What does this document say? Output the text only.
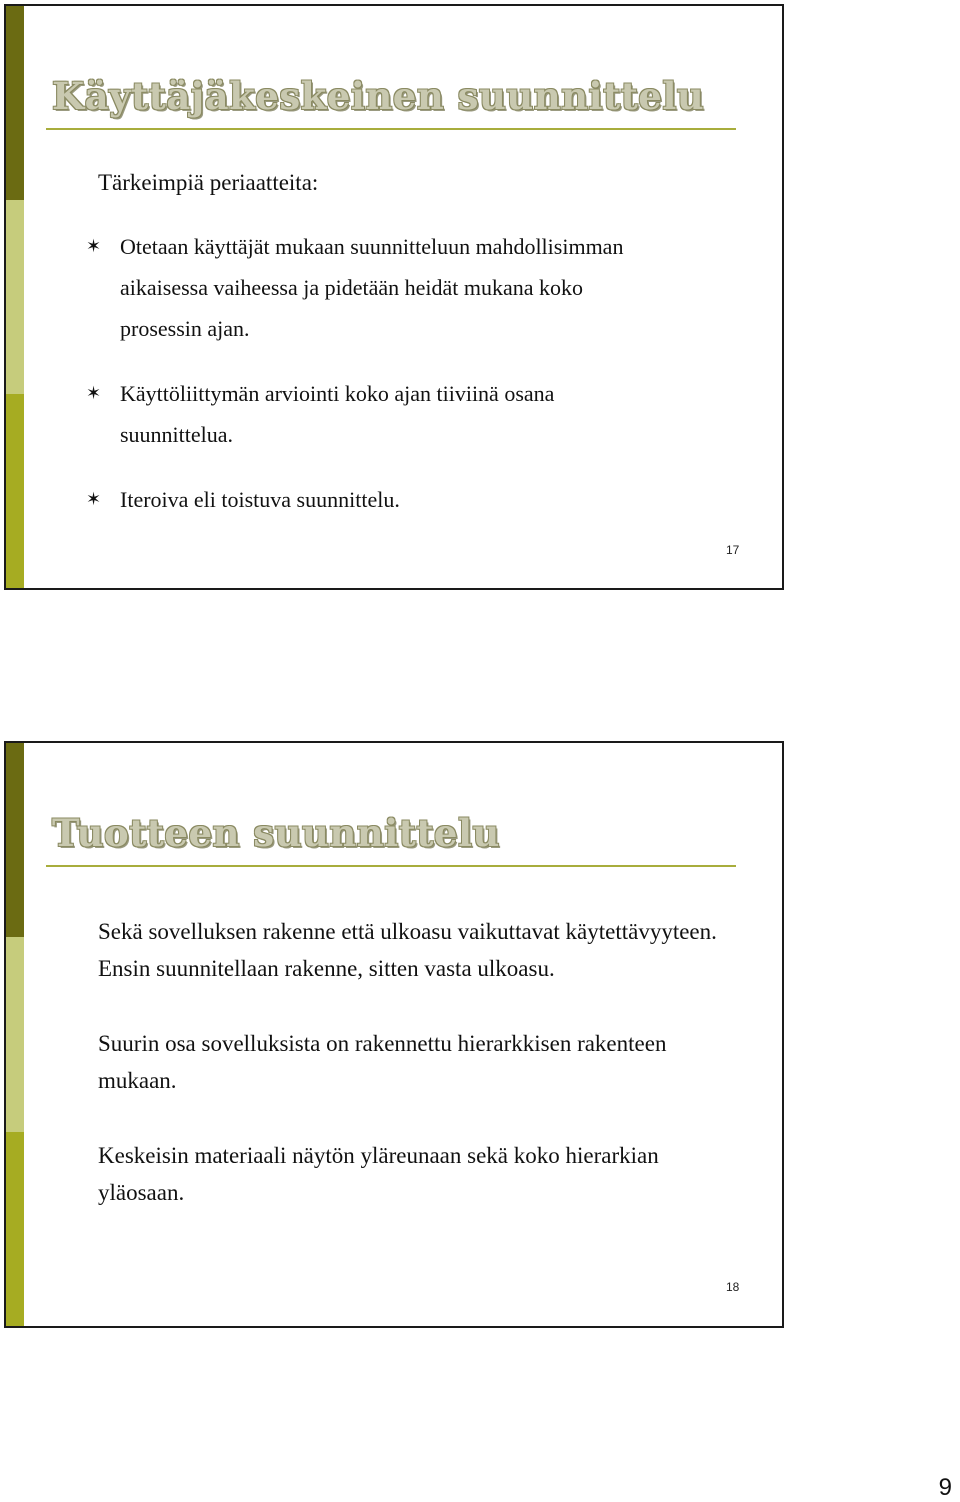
Käyttäjäkeskeinen suunnittelu

Tärkeimpiä periaatteita:

✶ Otetaan käyttäjät mukaan suunnitteluun mahdollisimman aikaisessa vaiheessa ja pidetään heidät mukana koko prosessin ajan.
✶ Käyttöliittymän arviointi koko ajan tiiviinä osana suunnittelua.
✶ Iteroiva eli toistuva suunnittelu.
17
Tuotteen suunnittelu

Sekä sovelluksen rakenne että ulkoasu vaikuttavat käytettävyyteen. Ensin suunnitellaan rakenne, sitten vasta ulkoasu.

Suurin osa sovelluksista on rakennettu hierarkkisen rakenteen mukaan.

Keskeisin materiaali näytön yläreunaan sekä koko hierarkian yläosaan.

18
9
